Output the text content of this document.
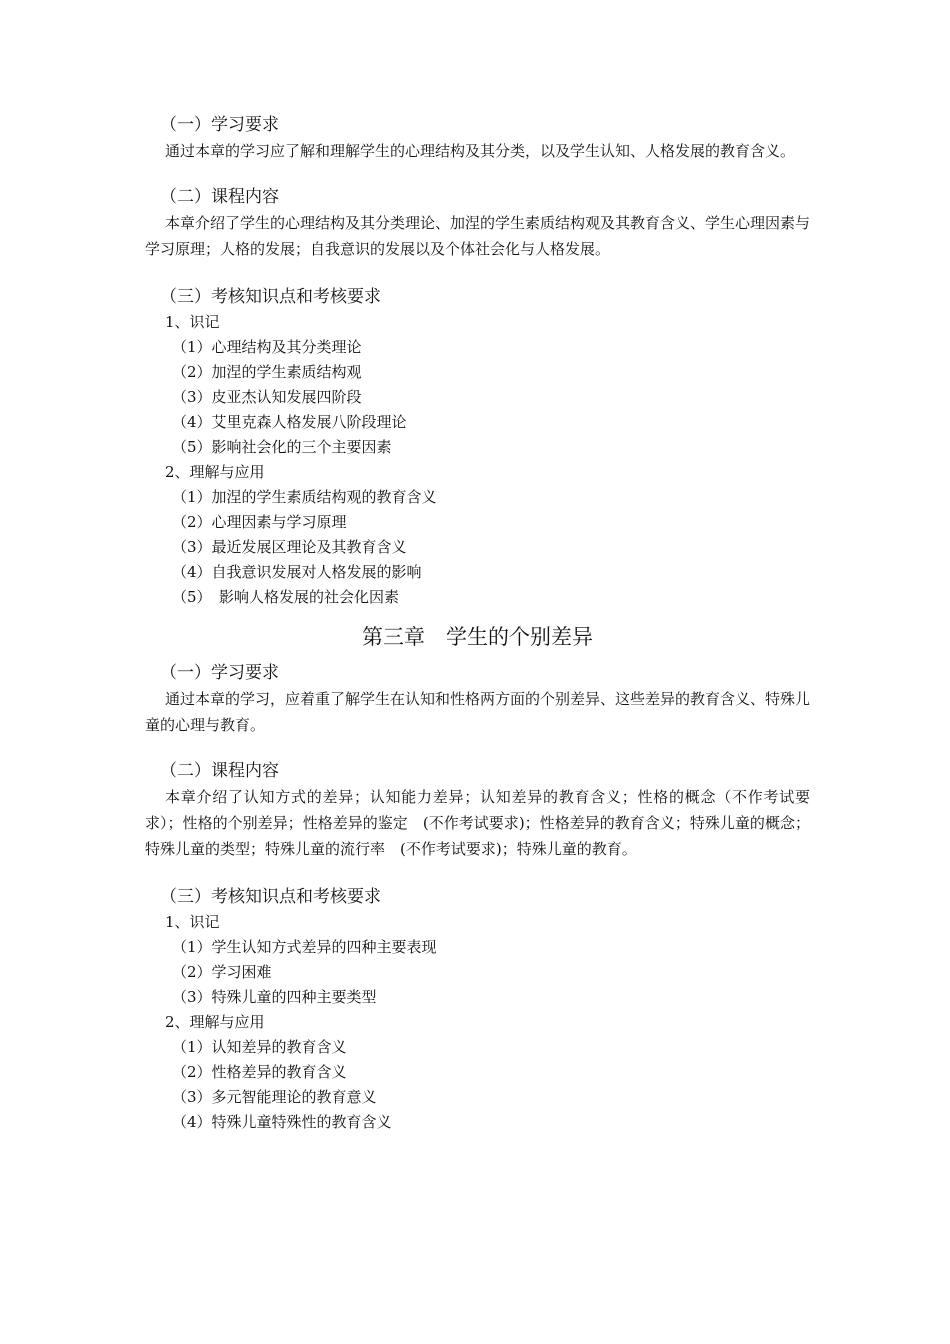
（一）学习要求

通过本章的学习应了解和理解学生的心理结构及其分类，以及学生认知、人格发展的教育含义。

（二）课程内容

本章介绍了学生的心理结构及其分类理论、加涅的学生素质结构观及其教育含义、学生心理因素与学习原理；人格的发展；自我意识的发展以及个体社会化与人格发展。

（三）考核知识点和考核要求
1、识记
（1）心理结构及其分类理论
（2）加涅的学生素质结构观
（3）皮亚杰认知发展四阶段
（4）艾里克森人格发展八阶段理论
（5）影响社会化的三个主要因素
2、理解与应用
（1）加涅的学生素质结构观的教育含义
（2）心理因素与学习原理
（3）最近发展区理论及其教育含义
（4）自我意识发展对人格发展的影响
（5）　影响人格发展的社会化因素
第三章　学生的个别差异
（一）学习要求

通过本章的学习，应着重了解学生在认知和性格两方面的个别差异、这些差异的教育含义、特殊儿童的心理与教育。

（二）课程内容

本章介绍了认知方式的差异；认知能力差异；认知差异的教育含义；性格的概念（不作考试要求）；性格的个别差异；性格差异的鉴定　(不作考试要求)；性格差异的教育含义；特殊儿童的概念；特殊儿童的类型；特殊儿童的流行率　(不作考试要求)；特殊儿童的教育。

（三）考核知识点和考核要求
1、识记
（1）学生认知方式差异的四种主要表现
（2）学习困难
（3）特殊儿童的四种主要类型
2、理解与应用
（1）认知差异的教育含义
（2）性格差异的教育含义
（3）多元智能理论的教育意义
（4）特殊儿童特殊性的教育含义
